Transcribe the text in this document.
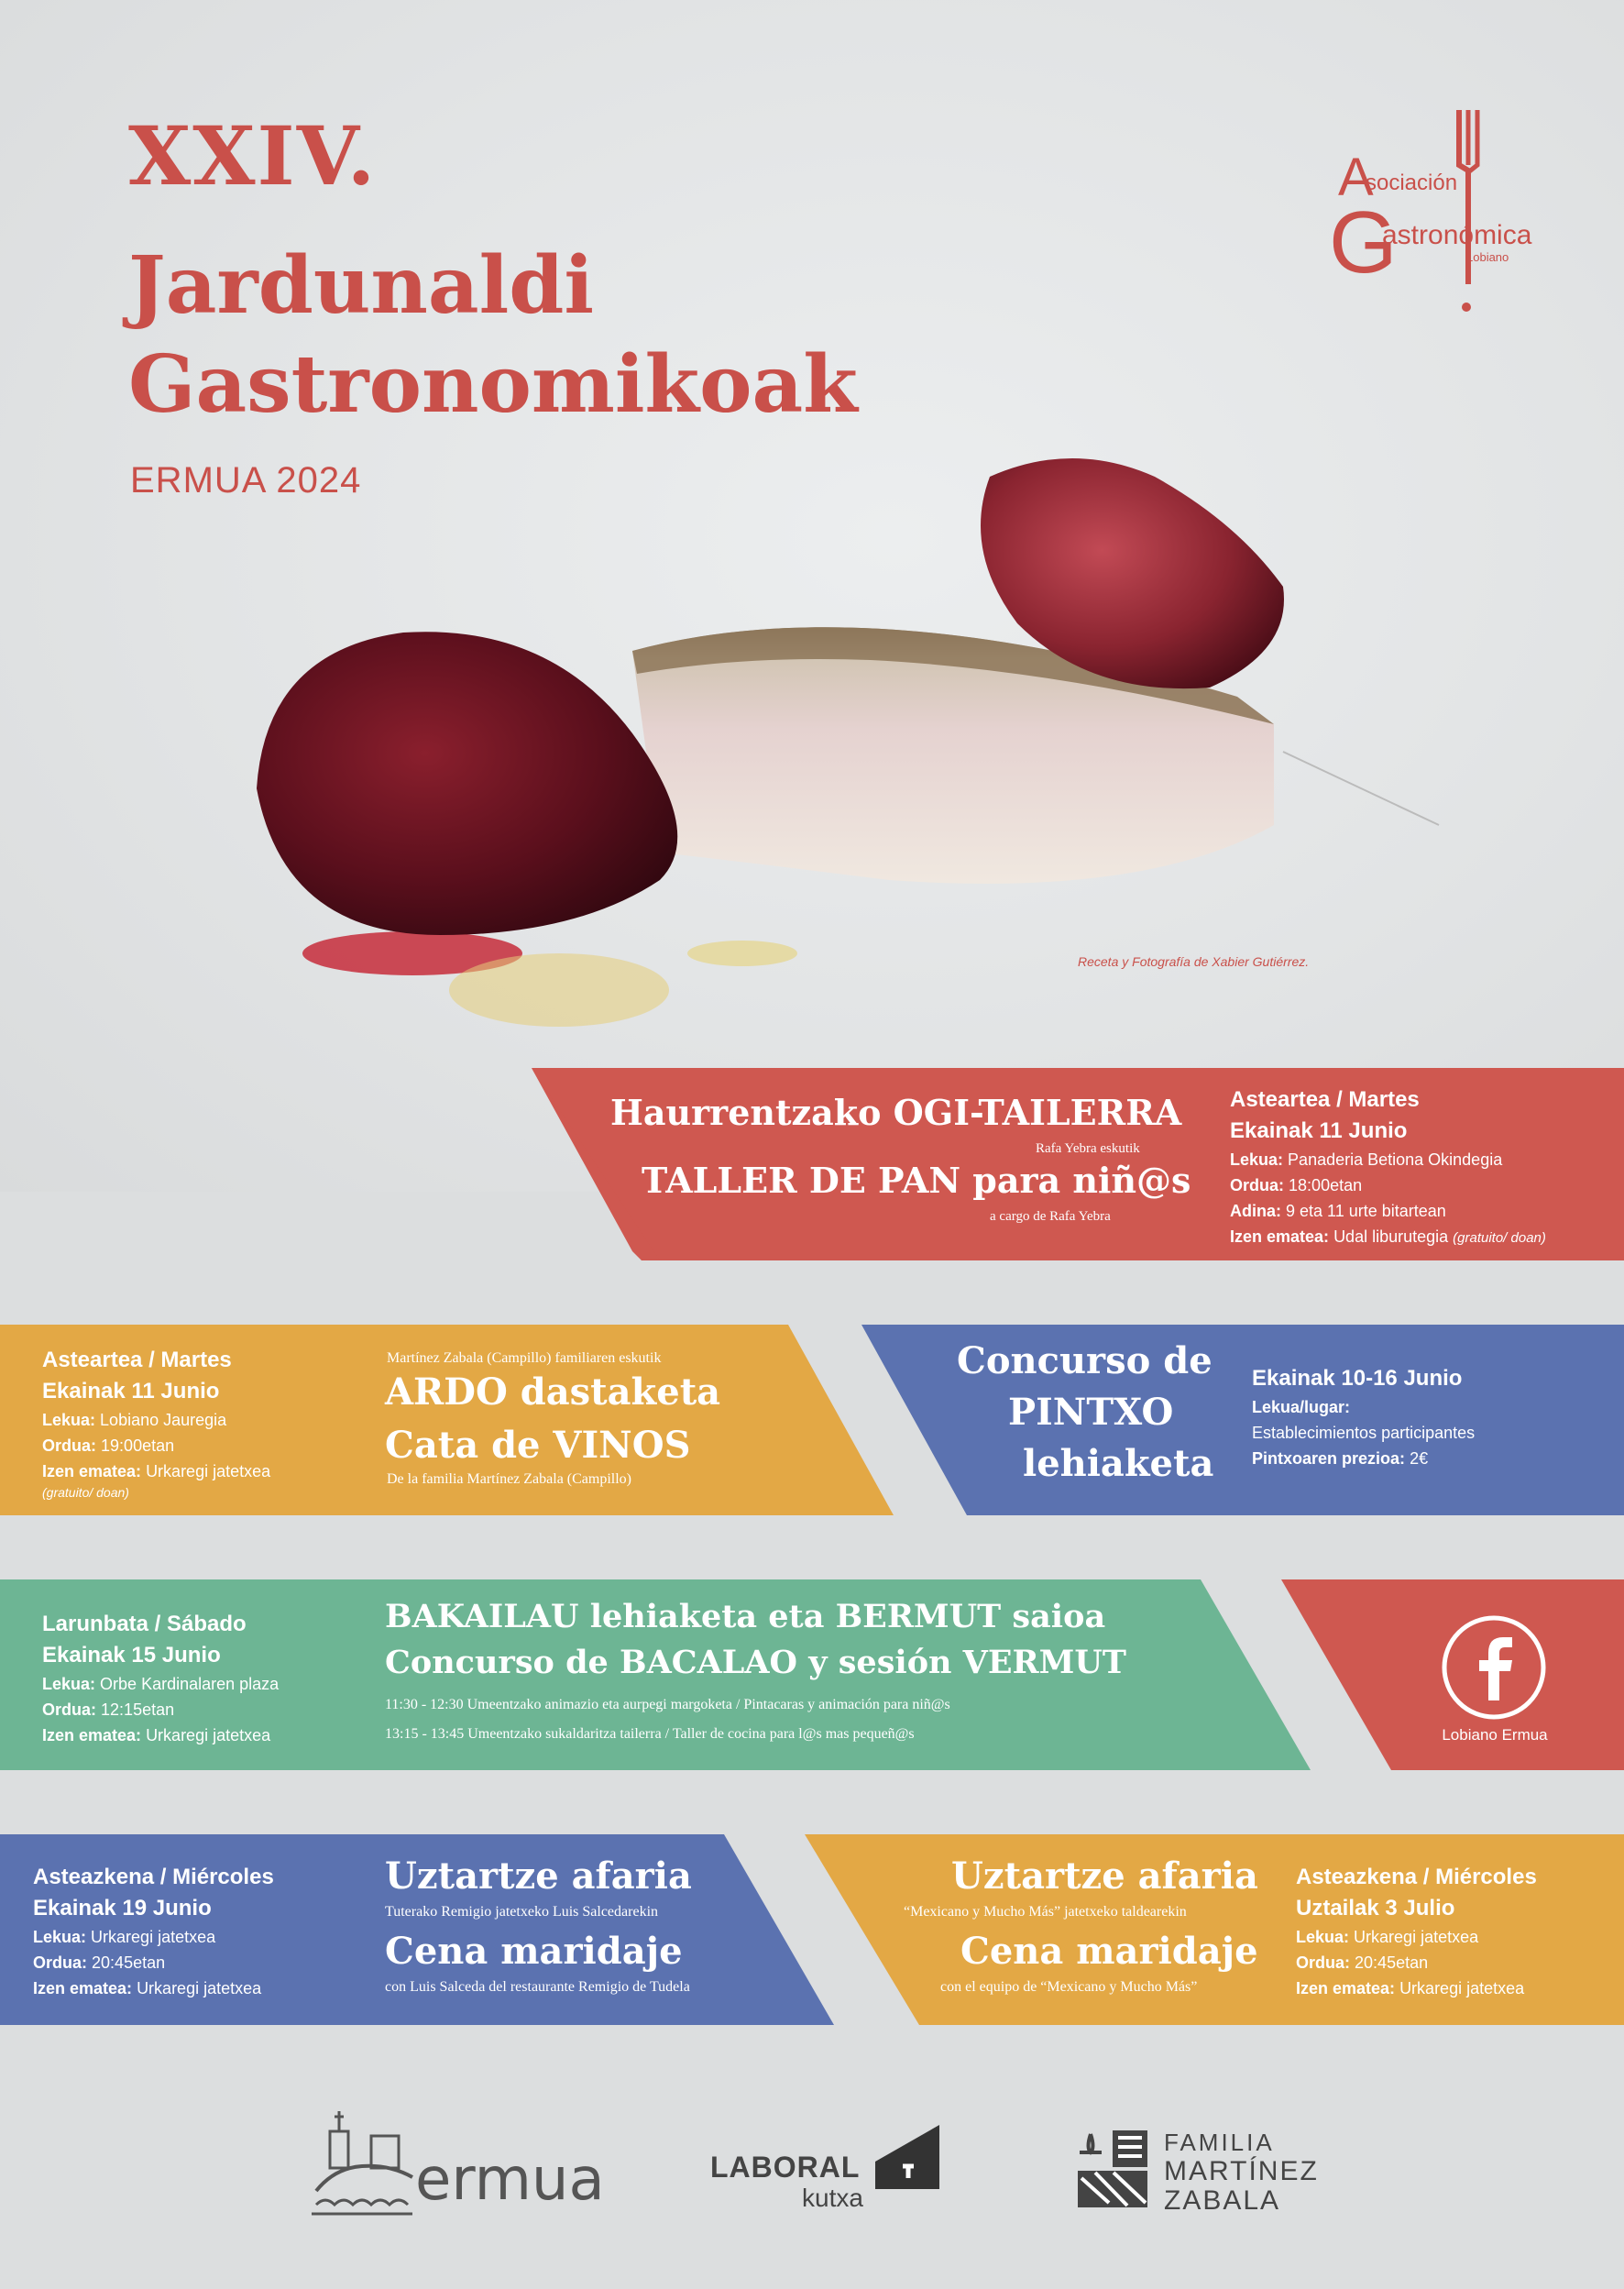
XXIV.
Jardunaldi
Gastronomikoak
ERMUA 2024
A
sociación
G
astronómica
Lobiano
Receta y Fotografía de Xabier Gutiérrez.
Haurrentzako OGI-TAILERRA
Rafa Yebra eskutik
TALLER DE PAN para niñ@s
a cargo de Rafa Yebra
Asteartea / Martes
Ekainak 11 Junio
Lekua: Panaderia Betiona Okindegia
Ordua: 18:00etan
Adina: 9 eta 11 urte bitartean
Izen ematea: Udal liburutegia (gratuito/ doan)
Asteartea / Martes
Ekainak 11 Junio
Lekua: Lobiano Jauregia
Ordua: 19:00etan
Izen ematea: Urkaregi jatetxea
(gratuito/ doan)
Martínez Zabala (Campillo) familiaren eskutik
ARDO dastaketa
Cata de VINOS
De la familia Martínez Zabala (Campillo)
Concurso de
PINTXO
lehiaketa
Ekainak 10-16 Junio
Lekua/lugar:
Establecimientos participantes
Pintxoaren prezioa: 2€
Larunbata / Sábado
Ekainak 15 Junio
Lekua: Orbe Kardinalaren plaza
Ordua: 12:15etan
Izen ematea: Urkaregi jatetxea
BAKAILAU lehiaketa eta BERMUT saioa
Concurso de BACALAO y sesión VERMUT
11:30 - 12:30 Umeentzako animazio eta aurpegi margoketa / Pintacaras y animación para niñ@s
13:15 - 13:45 Umeentzako sukaldaritza tailerra / Taller de cocina para l@s mas pequeñ@s	Lobiano Ermua
Asteazkena / Miércoles
Ekainak 19 Junio
Lekua: Urkaregi jatetxea
Ordua: 20:45etan
Izen ematea: Urkaregi jatetxea
Uztartze afaria
Tuterako Remigio jatetxeko Luis Salcedarekin
Cena maridaje
con Luis Salceda del restaurante Remigio de Tudela
Uztartze afaria
“Mexicano y Mucho Más” jatetxeko taldearekin
Cena maridaje
con el equipo de “Mexicano y Mucho Más”
Asteazkena / Miércoles
Uztailak 3 Julio
Lekua: Urkaregi jatetxea
Ordua: 20:45etan
Izen ematea: Urkaregi jatetxea
ermua	LABORAL
kutxa
FAMILIA
MARTÍNEZ
ZABALA
